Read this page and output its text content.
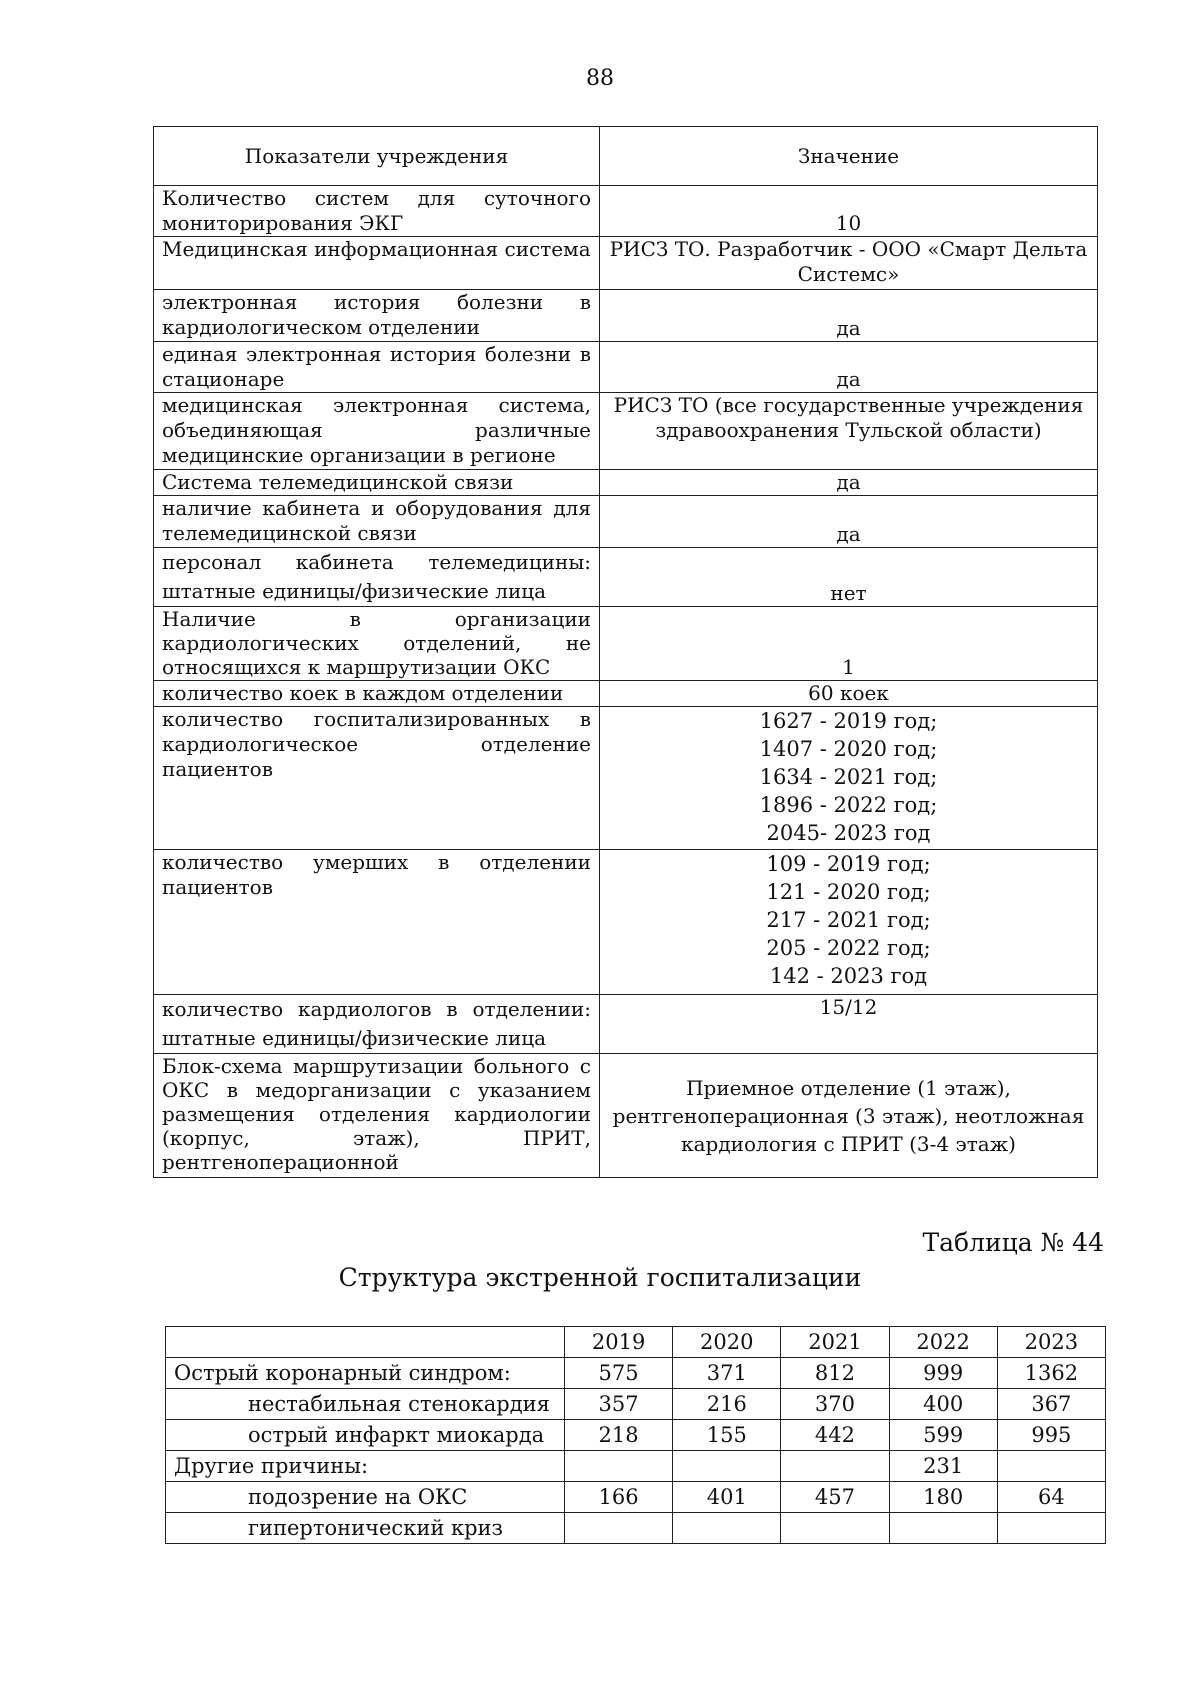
88
Показатели учреждения	Значение
Количество систем для суточного мониторирования ЭКГ	10
Медицинская информационная система	РИСЗ ТО. Разработчик - ООО «Смарт Дельта Системс»
электронная история болезни в кардиологическом отделении	да
единая электронная история болезни в стационаре	да
медицинская электронная система, объединяющая различные медицинские организации в регионе	РИСЗ ТО (все государственные учреждения здравоохранения Тульской области)
Система телемедицинской связи	да
наличие кабинета и оборудования для телемедицинской связи	да
персонал кабинета телемедицины: штатные единицы/физические лица	нет
Наличие в организации кардиологических отделений, не относящихся к маршрутизации ОКС	1
количество коек в каждом отделении	60 коек
количество госпитализированных в кардиологическое отделение пациентов	1627 - 2019 год;
1407 - 2020 год;
1634 - 2021 год;
1896 - 2022 год;
2045- 2023 год

количество умерших в отделении пациентов	109 - 2019 год;
121 - 2020 год;
217 - 2021 год;
205 - 2022 год;
142 - 2023 год

количество кардиологов в отделении: штатные единицы/физические лица	15/12
Блок-схема маршрутизации больного с ОКС в медорганизации с указанием размещения отделения кардиологии (корпус, этаж), ПРИТ, рентгеноперационной	Приемное отделение (1 этаж), рентгеноперационная (3 этаж), неотложная кардиология с ПРИТ (3-4 этаж)
Таблица № 44
Структура экстренной госпитализации
	2019	2020	2021	2022	2023
Острый коронарный синдром:	575	371	812	999	1362
нестабильная стенокардия	357	216	370	400	367
острый инфаркт миокарда	218	155	442	599	995
Другие причины:				231	
подозрение на ОКС	166	401	457	180	64
гипертонический криз					
